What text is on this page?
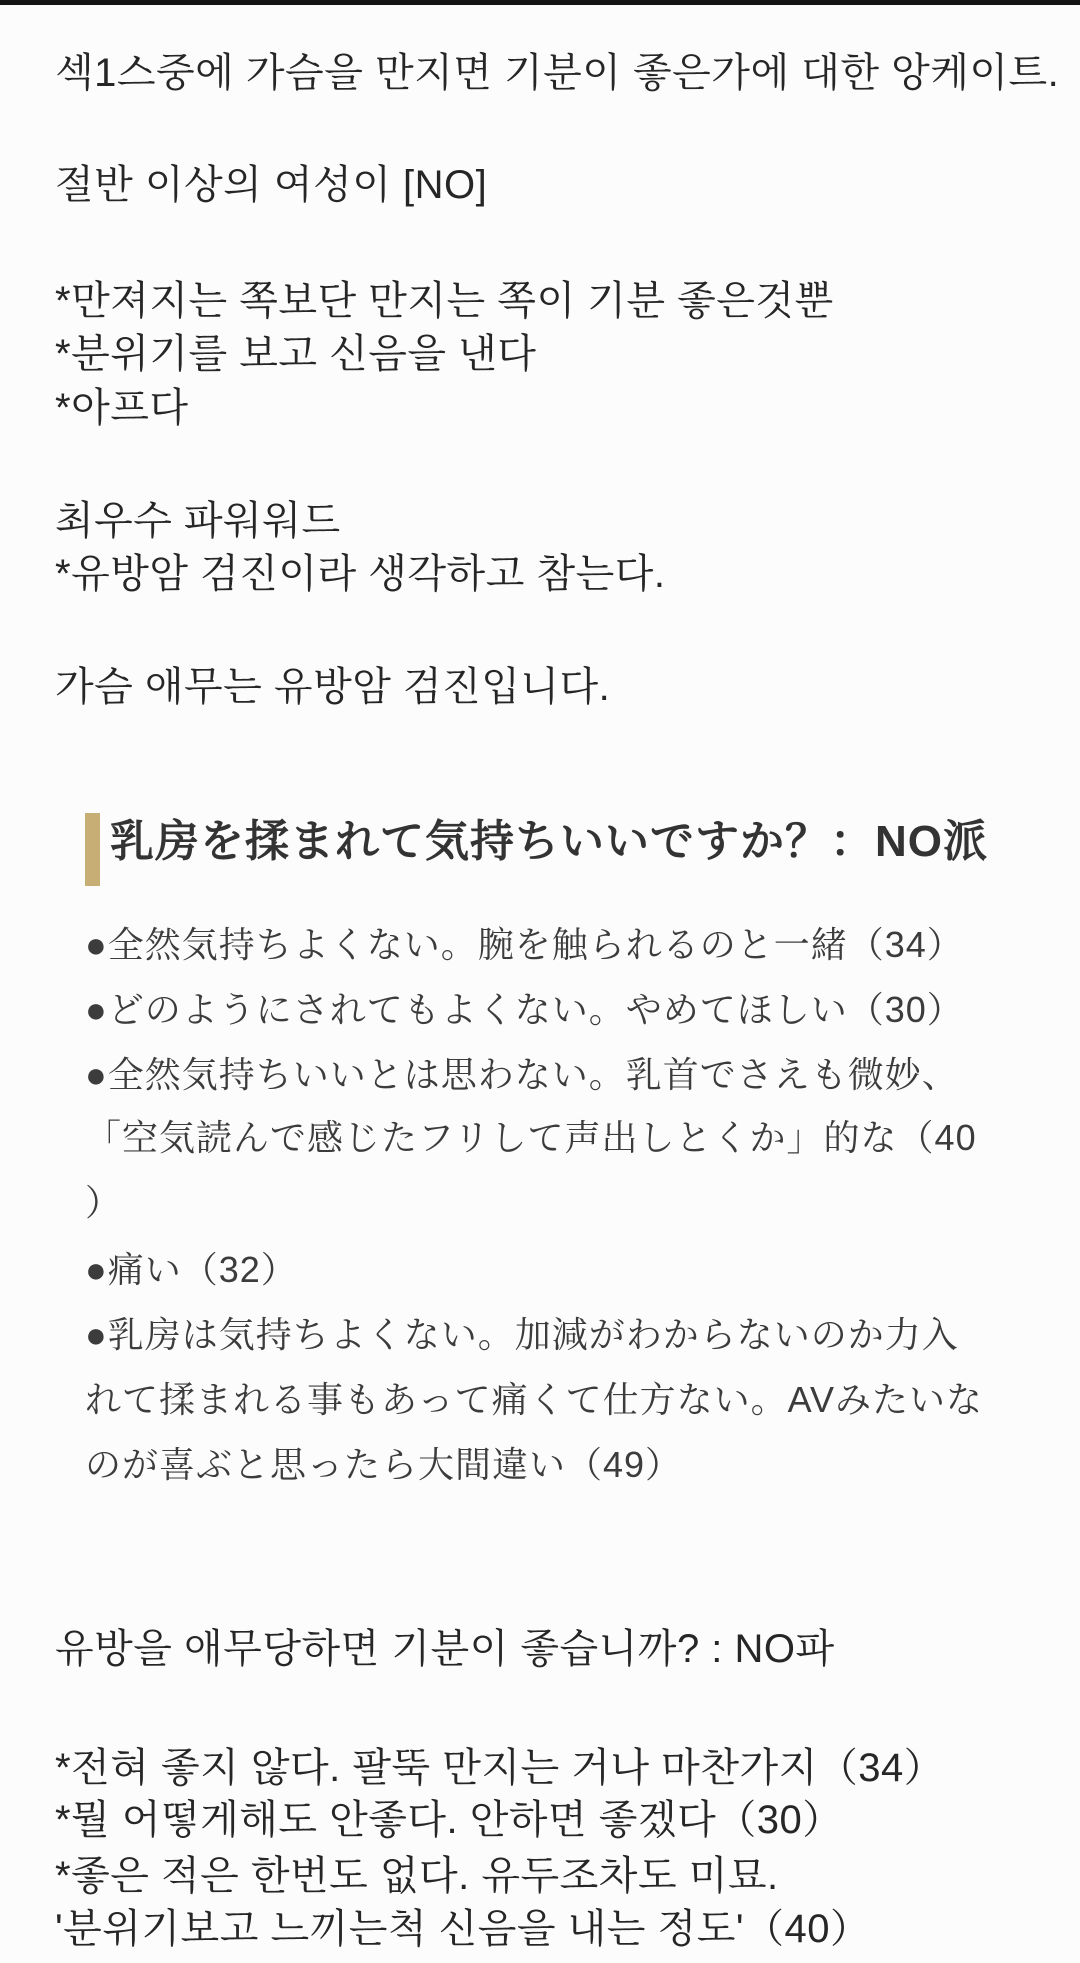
섹1스중에 가슴을 만지면 기분이 좋은가에 대한 앙케이트.
절반 이상의 여성이 [NO]
*만져지는 쪽보단 만지는 쪽이 기분 좋은것뿐
*분위기를 보고 신음을 낸다
*아프다
최우수 파워워드
*유방암 검진이라 생각하고 참는다.
가슴 애무는 유방암 검진입니다.
乳房を揉まれて気持ちいいですか？：NO派
●全然気持ちよくない。腕を触られるのと一緒（34）
●どのようにされてもよくない。やめてほしい（30）
●全然気持ちいいとは思わない。乳首でさえも微妙、
「空気読んで感じたフリして声出しとくか」的な（40
）
●痛い（32）
●乳房は気持ちよくない。加減がわからないのか力入
れて揉まれる事もあって痛くて仕方ない。AVみたいな
のが喜ぶと思ったら大間違い（49）
유방을 애무당하면 기분이 좋습니까? : NO파
*전혀 좋지 않다. 팔뚝 만지는 거나 마찬가지（34）
*뭘 어떻게해도 안좋다. 안하면 좋겠다（30）
*좋은 적은 한번도 없다. 유두조차도 미묘.
'분위기보고 느끼는척 신음을 내는 정도'（40）
